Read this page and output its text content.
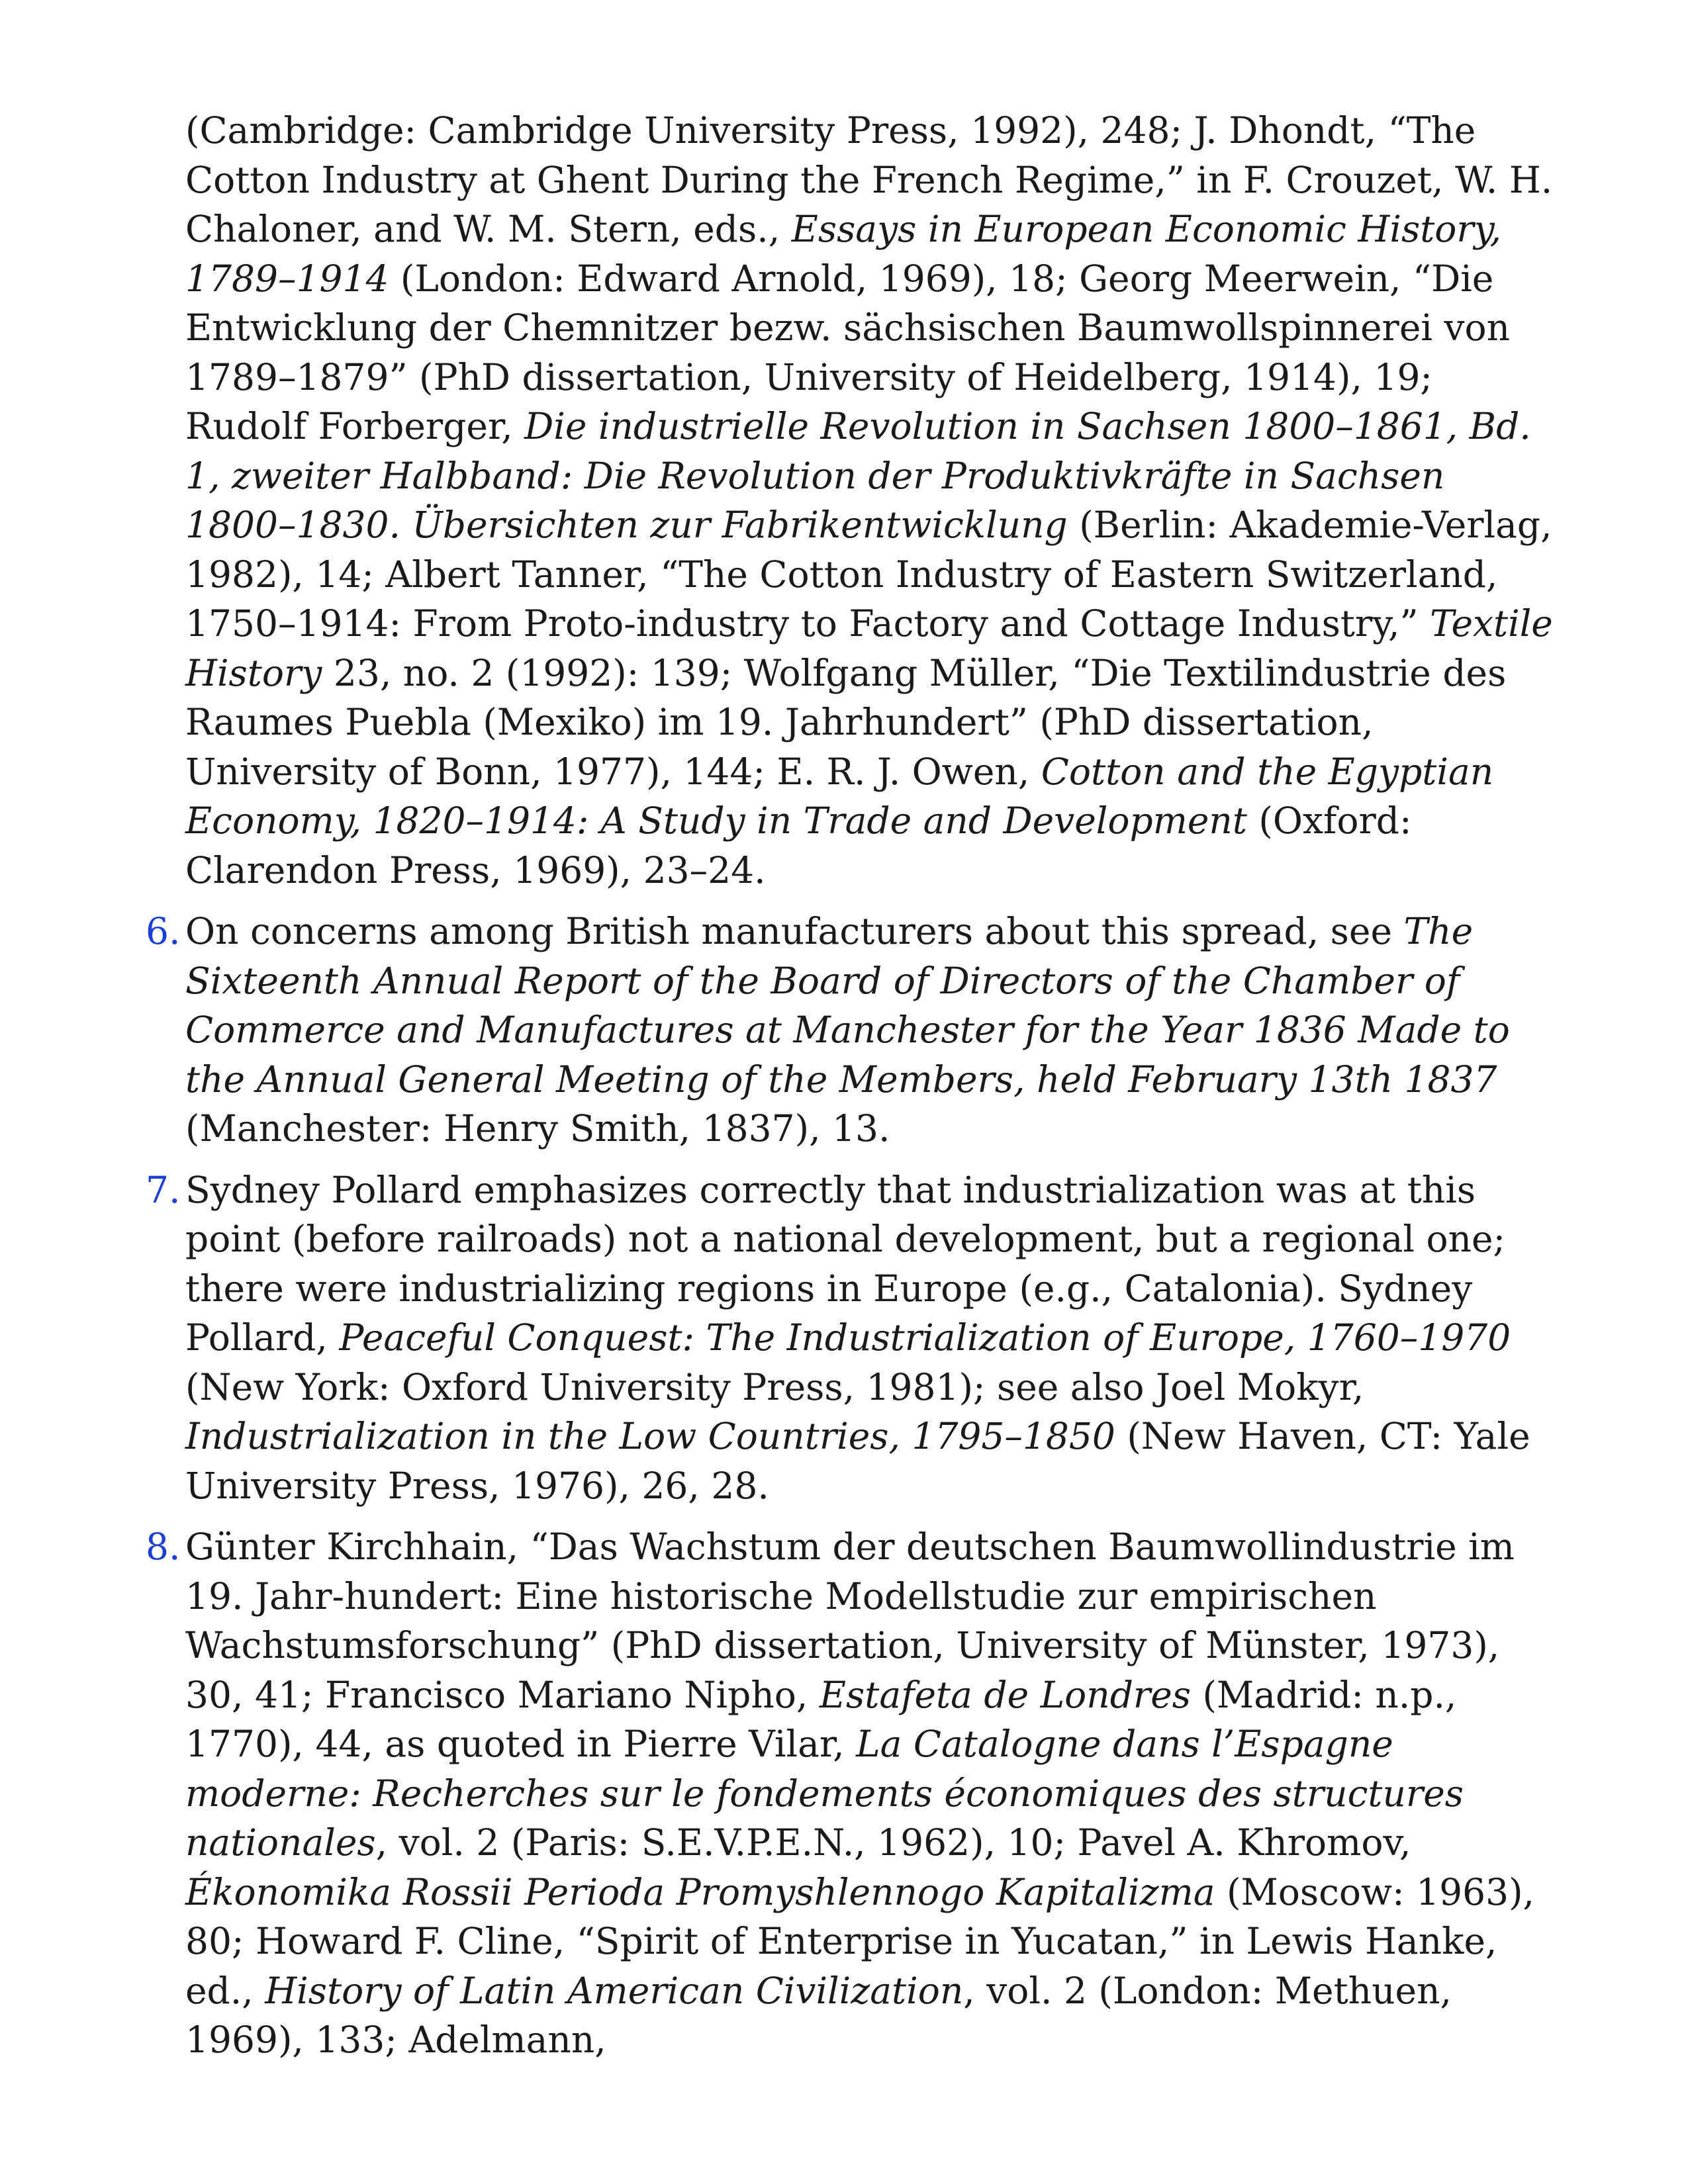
(Cambridge: Cambridge University Press, 1992), 248; J. Dhondt, “The Cotton Industry at Ghent During the French Regime,” in F. Crouzet, W. H. Chaloner, and W. M. Stern, eds., Essays in European Economic History, 1789–1914 (London: Edward Arnold, 1969), 18; Georg Meerwein, “Die Entwicklung der Chemnitzer bezw. sächsischen Baumwollspinnerei von 1789–1879” (PhD dissertation, University of Heidelberg, 1914), 19; Rudolf Forberger, Die industrielle Revolution in Sachsen 1800–1861, Bd. 1, zweiter Halbband: Die Revolution der Produktivkräfte in Sachsen 1800–1830. Übersichten zur Fabrikentwicklung (Berlin: Akademie-Verlag, 1982), 14; Albert Tanner, “The Cotton Industry of Eastern Switzerland, 1750–1914: From Proto-industry to Factory and Cottage Industry,” Textile History 23, no. 2 (1992): 139; Wolfgang Müller, “Die Textilindustrie des Raumes Puebla (Mexiko) im 19. Jahrhundert” (PhD dissertation, University of Bonn, 1977), 144; E. R. J. Owen, Cotton and the Egyptian Economy, 1820–1914: A Study in Trade and Development (Oxford: Clarendon Press, 1969), 23–24.
6. On concerns among British manufacturers about this spread, see The Sixteenth Annual Report of the Board of Directors of the Chamber of Commerce and Manufactures at Manchester for the Year 1836 Made to the Annual General Meeting of the Members, held February 13th 1837 (Manchester: Henry Smith, 1837), 13.
7. Sydney Pollard emphasizes correctly that industrialization was at this point (before railroads) not a national development, but a regional one; there were industrializing regions in Europe (e.g., Catalonia). Sydney Pollard, Peaceful Conquest: The Industrialization of Europe, 1760–1970 (New York: Oxford University Press, 1981); see also Joel Mokyr, Industrialization in the Low Countries, 1795–1850 (New Haven, CT: Yale University Press, 1976), 26, 28.
8. Günter Kirchhain, “Das Wachstum der deutschen Baumwollindustrie im 19. Jahr-hundert: Eine historische Modellstudie zur empirischen Wachstumsforschung” (PhD dissertation, University of Münster, 1973), 30, 41; Francisco Mariano Nipho, Estafeta de Londres (Madrid: n.p., 1770), 44, as quoted in Pierre Vilar, La Catalogne dans l’Espagne moderne: Recherches sur le fondements économiques des structures nationales, vol. 2 (Paris: S.E.V.P.E.N., 1962), 10; Pavel A. Khromov, Ékonomika Rossii Perioda Promyshlennogo Kapitalizma (Moscow: 1963), 80; Howard F. Cline, “Spirit of Enterprise in Yucatan,” in Lewis Hanke, ed., History of Latin American Civilization, vol. 2 (London: Methuen, 1969), 133; Adelmann,
